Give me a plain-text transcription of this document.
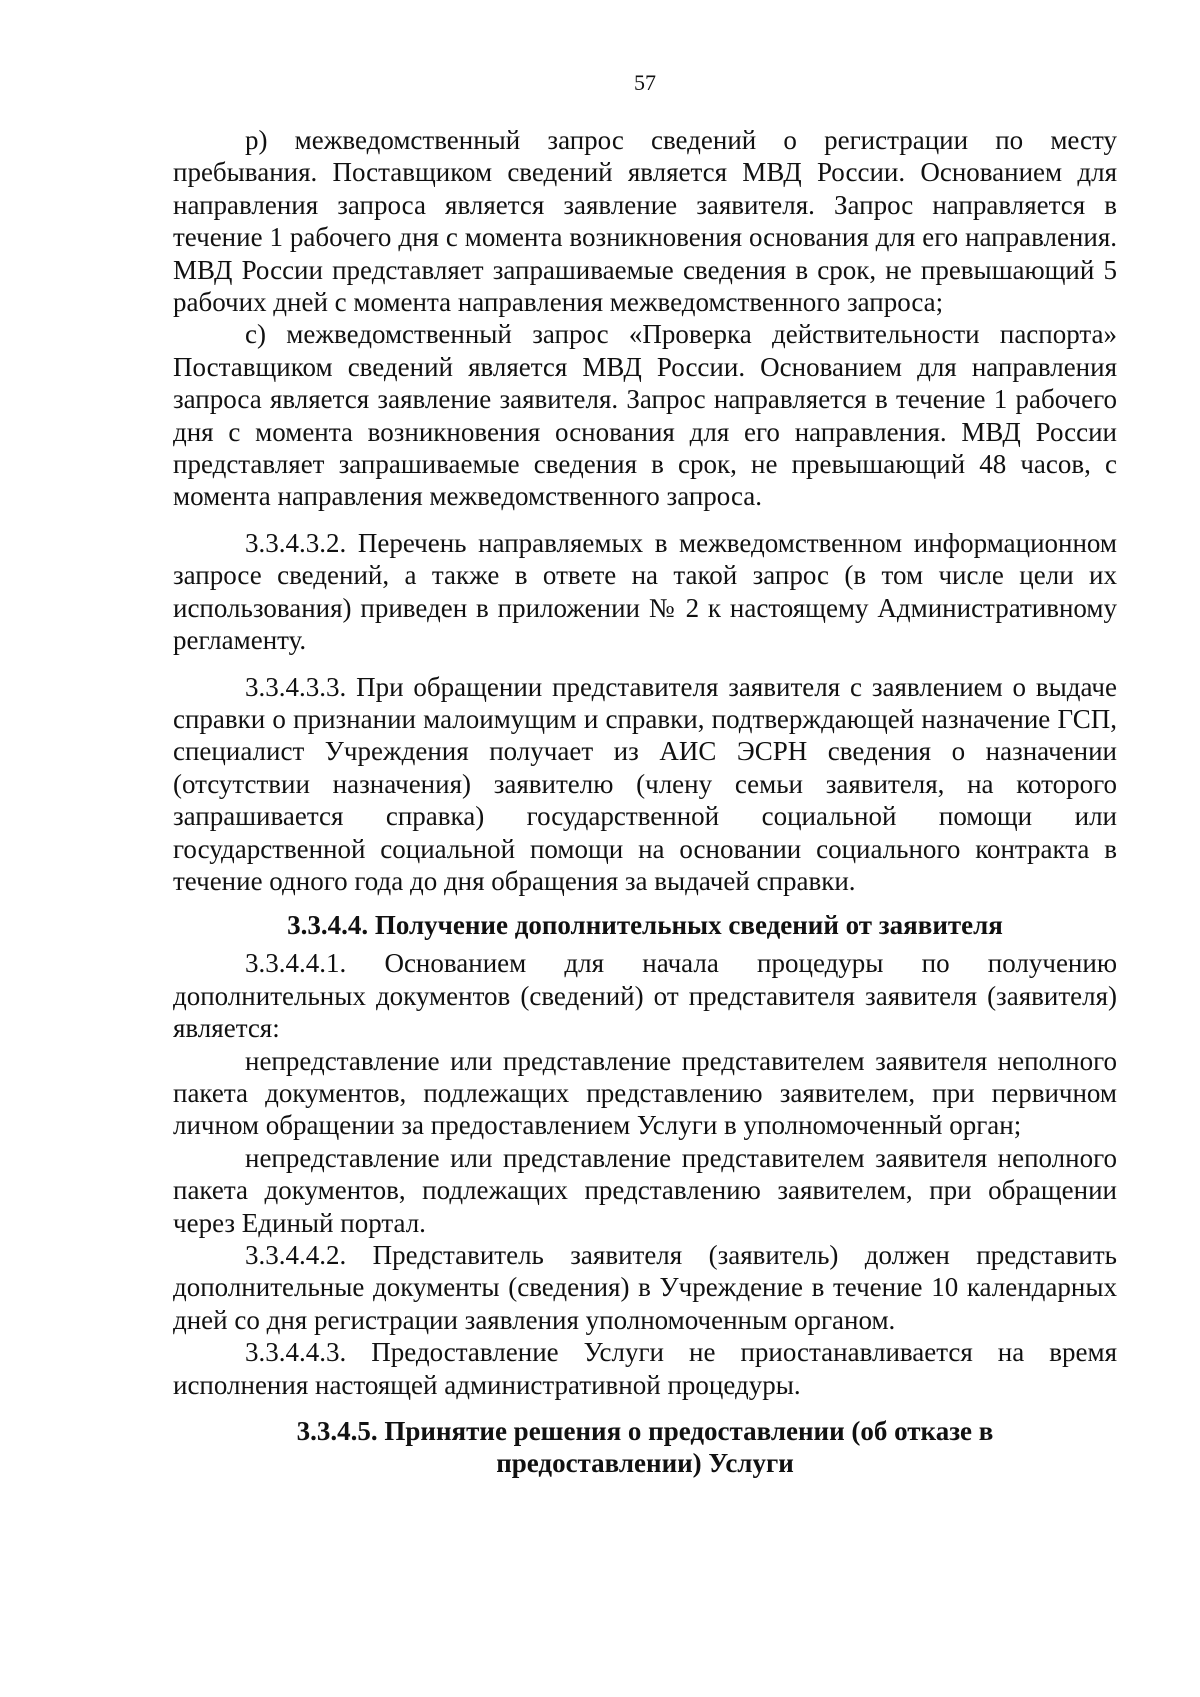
57

р) межведомственный запрос сведений о регистрации по месту пребывания. Поставщиком сведений является МВД России. Основанием для направления запроса является заявление заявителя. Запрос направляется в течение 1 рабочего дня с момента возникновения основания для его направления. МВД России представляет запрашиваемые сведения в срок, не превышающий 5 рабочих дней с момента направления межведомственного запроса;

с) межведомственный запрос «Проверка действительности паспорта» Поставщиком сведений является МВД России. Основанием для направления запроса является заявление заявителя. Запрос направляется в течение 1 рабочего дня с момента возникновения основания для его направления. МВД России представляет запрашиваемые сведения в срок, не превышающий 48 часов, с момента направления межведомственного запроса.

3.3.4.3.2. Перечень направляемых в межведомственном информационном запросе сведений, а также в ответе на такой запрос (в том числе цели их использования) приведен в приложении № 2 к настоящему Административному регламенту.

3.3.4.3.3. При обращении представителя заявителя с заявлением о выдаче справки о признании малоимущим и справки, подтверждающей назначение ГСП, специалист Учреждения получает из АИС ЭСРН сведения о назначении (отсутствии назначения) заявителю (члену семьи заявителя, на которого запрашивается справка) государственной социальной помощи или государственной социальной помощи на основании социального контракта в течение одного года до дня обращения за выдачей справки.

3.3.4.4. Получение дополнительных сведений от заявителя

3.3.4.4.1. Основанием для начала процедуры по получению дополнительных документов (сведений) от представителя заявителя (заявителя) является:

непредставление или представление представителем заявителя неполного пакета документов, подлежащих представлению заявителем, при первичном личном обращении за предоставлением Услуги в уполномоченный орган;

непредставление или представление представителем заявителя неполного пакета документов, подлежащих представлению заявителем, при обращении через Единый портал.

3.3.4.4.2. Представитель заявителя (заявитель) должен представить дополнительные документы (сведения) в Учреждение в течение 10 календарных дней со дня регистрации заявления уполномоченным органом.

3.3.4.4.3. Предоставление Услуги не приостанавливается на время исполнения настоящей административной процедуры.

3.3.4.5. Принятие решения о предоставлении (об отказе в
предоставлении) Услуги
